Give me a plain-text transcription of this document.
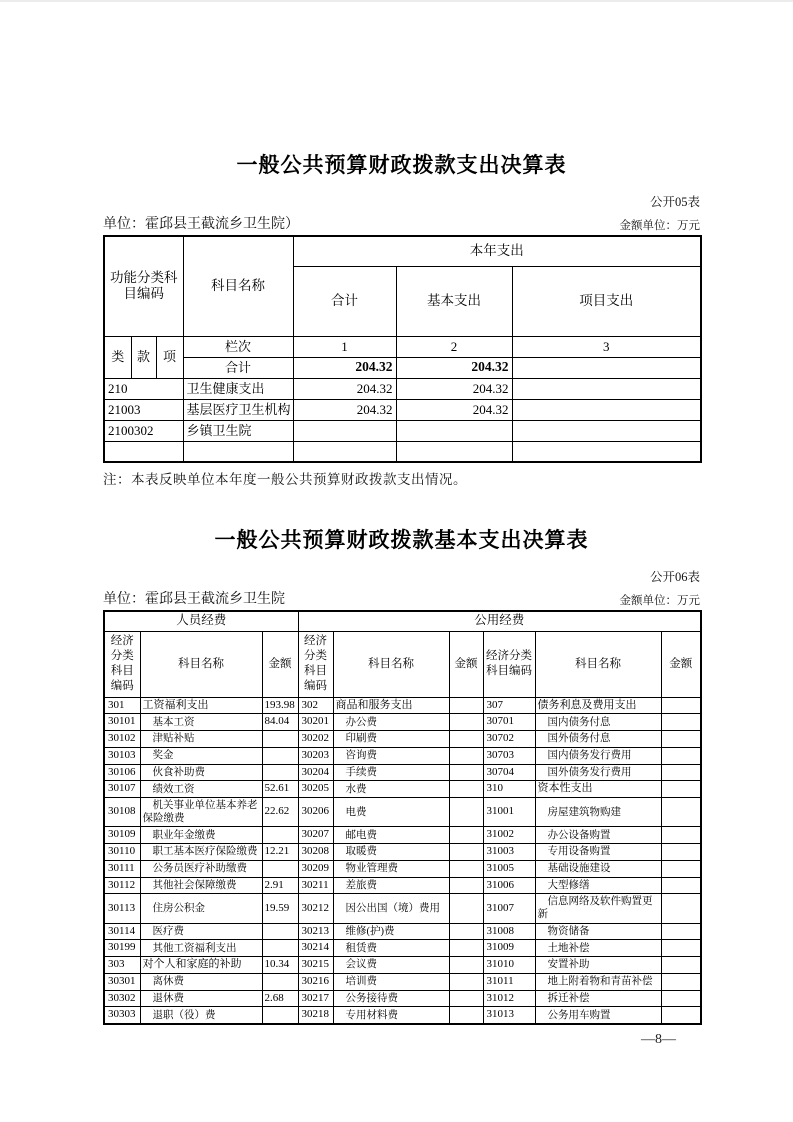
一般公共预算财政拨款支出决算表
公开05表
单位：霍邱县王截流乡卫生院）	金额单位：万元
功能分类科目编码			科目名称	本年支出		
				合计	基本支出	项目支出
类	款	项	栏次	1	2	3
			合计	204.32	204.32	
210			卫生健康支出	204.32	204.32	
21003			基层医疗卫生机构	204.32	204.32	
2100302			乡镇卫生院			

注：本表反映单位本年度一般公共预算财政拨款支出情况。
一般公共预算财政拨款基本支出决算表
公开06表
单位：霍邱县王截流乡卫生院	金额单位：万元
人员经费			公用经费					
经济分类科目编码	科目名称	金额	经济分类科目编码	科目名称	金额	经济分类科目编码	科目名称	金额
301	工资福利支出	193.98	302	商品和服务支出		307	债务利息及费用支出	
30101	基本工资	84.04	30201	办公费		30701	国内债务付息	
30102	津贴补贴		30202	印刷费		30702	国外债务付息	
30103	奖金		30203	咨询费		30703	国内债务发行费用	
30106	伙食补助费		30204	手续费		30704	国外债务发行费用	
30107	绩效工资	52.61	30205	水费		310	资本性支出	
30108	机关事业单位基本养老保险缴费	22.62	30206	电费		31001	房屋建筑物购建	
30109	职业年金缴费		30207	邮电费		31002	办公设备购置	
30110	职工基本医疗保险缴费	12.21	30208	取暖费		31003	专用设备购置	
30111	公务员医疗补助缴费		30209	物业管理费		31005	基础设施建设	
30112	其他社会保障缴费	2.91	30211	差旅费		31006	大型修缮	
30113	住房公积金	19.59	30212	因公出国（境）费用		31007	信息网络及软件购置更新	
30114	医疗费		30213	维修(护)费		31008	物资储备	
30199	其他工资福利支出		30214	租赁费		31009	土地补偿	
303	对个人和家庭的补助	10.34	30215	会议费		31010	安置补助	
30301	离休费		30216	培训费		31011	地上附着物和青苗补偿	
30302	退休费	2.68	30217	公务接待费		31012	拆迁补偿	
30303	退职（役）费		30218	专用材料费		31013	公务用车购置	
—8—
